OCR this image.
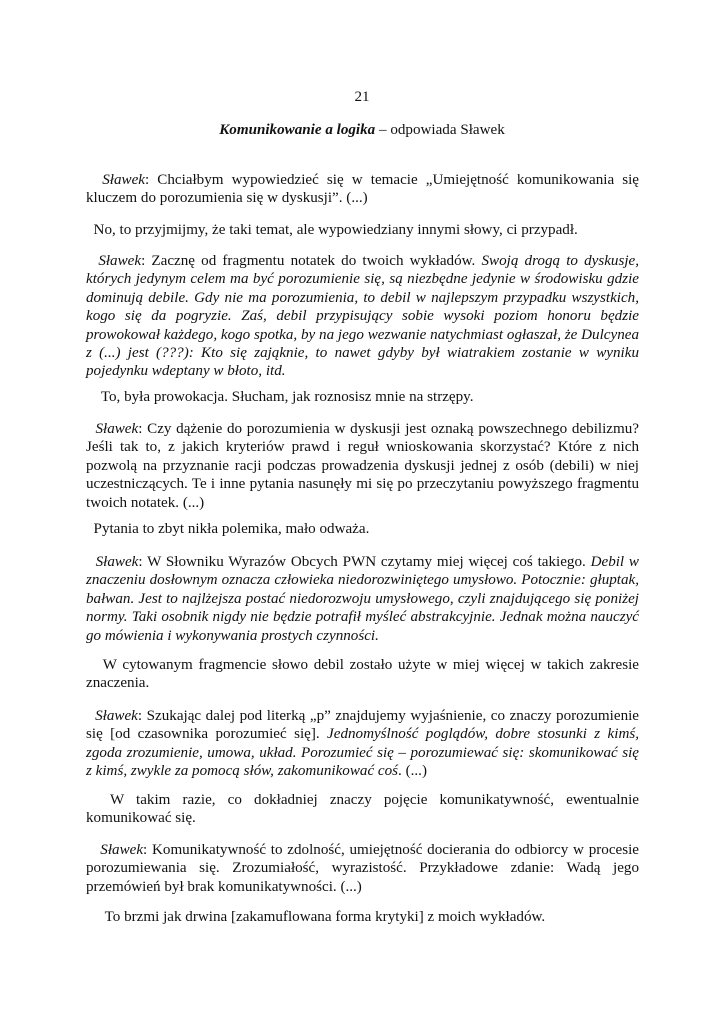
21
Komunikowanie a logika – odpowiada Sławek

Sławek: Chciałbym wypowiedzieć się w temacie „Umiejętność komunikowania się kluczem do porozumienia się w dyskusji”. (...)

No, to przyjmijmy, że taki temat, ale wypowiedziany innymi słowy, ci przypadł.

Sławek: Zacznę od fragmentu notatek do twoich wykładów. Swoją drogą to dyskusje, których jedynym celem ma być porozumienie się, są niezbędne jedynie w środowisku gdzie dominują debile. Gdy nie ma porozumienia, to debil w najlepszym przypadku wszystkich, kogo się da pogryzie. Zaś, debil przypisujący sobie wysoki poziom honoru będzie prowokował każdego, kogo spotka, by na jego wezwanie natychmiast ogłaszał, że Dulcynea z (...) jest (???): Kto się zająknie, to nawet gdyby był wiatrakiem zostanie w wyniku pojedynku wdeptany w błoto, itd.

To, była prowokacja. Słucham, jak roznosisz mnie na strzępy.

Sławek: Czy dążenie do porozumienia w dyskusji jest oznaką powszechnego debilizmu? Jeśli tak to, z jakich kryteriów prawd i reguł wnioskowania skorzystać? Które z nich pozwolą na przyznanie racji podczas prowadzenia dyskusji jednej z osób (debili) w niej uczestniczących. Te i inne pytania nasunęły mi się po przeczytaniu powyższego fragmentu twoich notatek. (...)

Pytania to zbyt nikła polemika, mało odważa.

Sławek: W Słowniku Wyrazów Obcych PWN czytamy miej więcej coś takiego. Debil w znaczeniu dosłownym oznacza człowieka niedorozwiniętego umysłowo. Potocznie: głuptak, bałwan. Jest to najlżejsza postać niedorozwoju umysłowego, czyli znajdującego się poniżej normy. Taki osobnik nigdy nie będzie potrafił myśleć abstrakcyjnie. Jednak można nauczyć go mówienia i wykonywania prostych czynności.

W cytowanym fragmencie słowo debil zostało użyte w miej więcej w takich zakresie znaczenia.

Sławek: Szukając dalej pod literką „p” znajdujemy wyjaśnienie, co znaczy porozumienie się [od czasownika porozumieć się]. Jednomyślność poglądów, dobre stosunki z kimś, zgoda zrozumienie, umowa, układ. Porozumieć się – porozumiewać się: skomunikować się z kimś, zwykle za pomocą słów, zakomunikować coś. (...)

W takim razie, co dokładniej znaczy pojęcie komunikatywność, ewentualnie komunikować się.

Sławek: Komunikatywność to zdolność, umiejętność docierania do odbiorcy w procesie porozumiewania się. Zrozumiałość, wyrazistość. Przykładowe zdanie: Wadą jego przemówień był brak komunikatywności. (...)

To brzmi jak drwina [zakamuflowana forma krytyki] z moich wykładów.
